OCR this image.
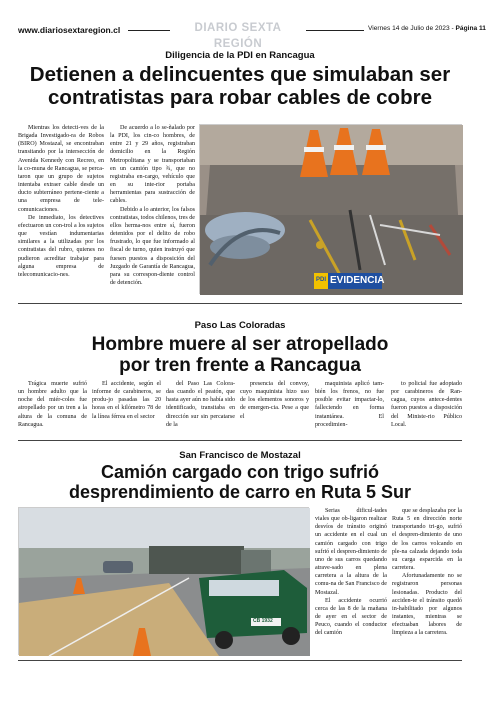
www.diariosextaregion.cl	DIARIO SEXTA REGIÓN
Viernes 14 de Julio de 2023 - Página 11
Diligencia de la PDI en Rancagua
Detienen a delincuentes que simulaban ser
contratistas para robar cables de cobre

Mientras los detecti-ves de la Brigada Investigado-ra de Robos (BIRO) Mostazal, se encontraban transitando por la intersección de Avenida Kennedy con Recreo, en la co-muna de Rancagua, se perca-taron que un grupo de sujetos intentaba extraer cable desde un ducto subterráneo pertene-ciente a una empresa de tele-comunicaciones.

De inmediato, los detectives efectuaron un con-trol a los sujetos que vestían indumentarias similares a la utilizadas por los contratistas del rubro, quienes no pudieron acreditar trabajar para alguna empresa de telecomunicacio-nes.

De acuerdo a lo se-ñalado por la PDI, los cin-co hombres, de entre 21 y 29 años, registraban domicilio en la Región Metropolitana y se transportaban en un camión tipo ¾, que no registraba en-cargo, vehículo que en su inte-rior portaba herramientas para sustracción de cables.

Debido a lo anterior, los falsos contratistas, todos chilenos, tres de ellos herma-nos entre sí, fueron detenidos por el delito de robo frustrado, lo que fue informado al fiscal de turno, quien instruyó que fuesen puestos a disposición del Juzgado de Garantía de Rancagua, para su correspon-diente control de detención.	PDI EVIDENCIA
Paso Las Coloradas
Hombre muere al ser atropellado
por tren frente a Rancagua

Trágica muerte sufrió un hombre adulto que la noche del miér-coles fue atropellado por un tren a la altura de la comuna de Rancagua.

El accidente, según el informe de carabineros, se produ-jo pasadas las 20 horas en el kilómetro 78 de la línea férrea en el sector

del Paso Las Colora-das cuando el peatón, que hasta ayer aún no había sido identificado, transitaba en dirección sur sin percatarse de la

presencia del convoy, cuyo maquinista hizo uso de los elementos sonoros y de emergen-cia. Pese a que el

maquinista aplicó tam-bién los frenos, no fue posible evitar impactar-lo, falleciendo en forma instantánea. El procedimien-

to policial fue adoptado por carabineros de Ran-cagua, cuyos antece-dentes fueron puestos a disposición del Ministe-rio Público Local.

San Francisco de Mostazal
Camión cargado con trigo sufrió
desprendimiento de carro en Ruta 5 Sur
CB 1932

Serias dificul-tades viales que ob-ligaron realizar desvíos de tránsito originó un accidente en el cual un camión cargado con trigo sufrió el despren-dimiento de uno de sus carros quedando atrave-sado en plena carretera a la altura de la comu-na de San Francisco de Mostazal.

El accidente ocurrió cerca de las 8 de la mañana de ayer en el sector de Peuco, cuando el conductor del camión

que se desplazaba por la Ruta 5 en dirección norte transportando tri-go, sufrió el despren-dimiento de uno de los carros volcando en ple-na calzada dejando toda su carga esparcida en la carretera.

Afortunadamente no se registraron personas lesionadas. Producto del acciden-te el tránsito quedó in-habilitado por algunos instantes, mientras se efectuaban labores de limpieza a la carretera.
